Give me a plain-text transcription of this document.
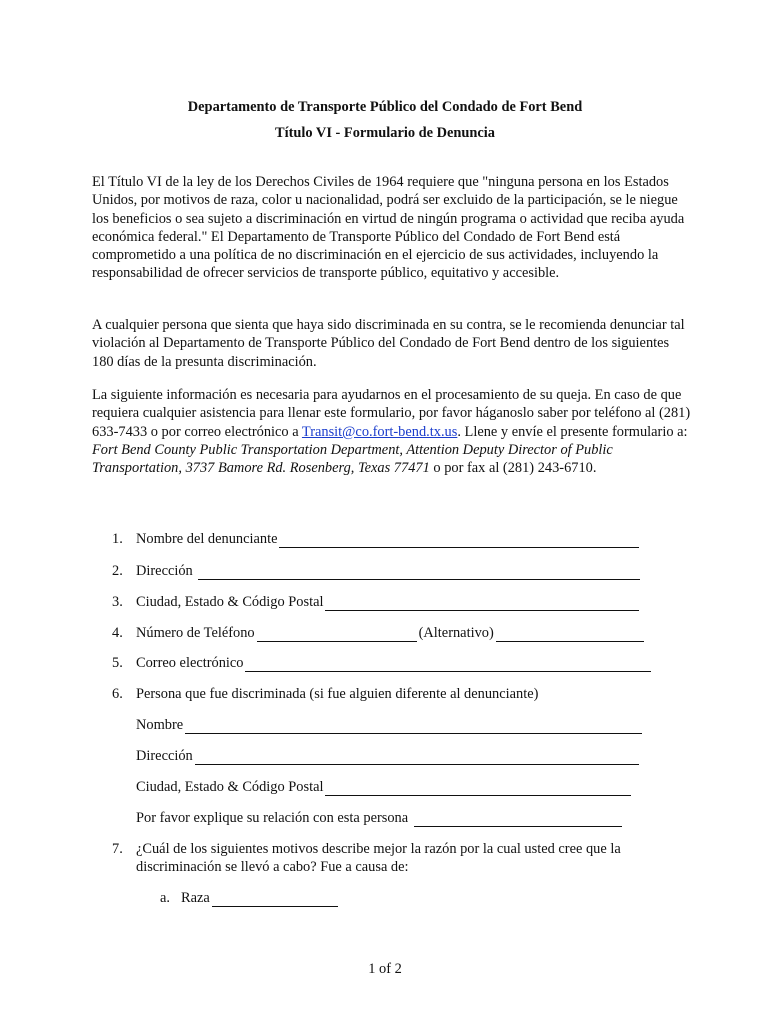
Departamento de Transporte Público del Condado de Fort Bend
Título VI - Formulario de Denuncia

El Título VI de la ley de los Derechos Civiles de 1964 requiere que "ninguna persona en los Estados Unidos, por motivos de raza, color u nacionalidad, podrá ser excluido de la participación, se le niegue los beneficios o sea sujeto a discriminación en virtud de ningún programa o actividad que reciba ayuda económica federal." El Departamento de Transporte Público del Condado de Fort Bend está comprometido a una política de no discriminación en el ejercicio de sus actividades, incluyendo la responsabilidad de ofrecer servicios de transporte público, equitativo y accesible.

A cualquier persona que sienta que haya sido discriminada en su contra, se le recomienda denunciar tal violación al Departamento de Transporte Público del Condado de Fort Bend dentro de los siguientes 180 días de la presunta discriminación.

La siguiente información es necesaria para ayudarnos en el procesamiento de su queja. En caso de que requiera cualquier asistencia para llenar este formulario, por favor háganoslo saber por teléfono al (281) 633-7433 o por correo electrónico a Transit@co.fort-bend.tx.us. Llene y envíe el presente formulario a: Fort Bend County Public Transportation Department, Attention Deputy Director of Public Transportation, 3737 Bamore Rd. Rosenberg, Texas 77471 o por fax al (281) 243-6710.

1. Nombre del denunciante
2. Dirección
3. Ciudad, Estado & Código Postal
4. Número de Teléfono	(Alternativo)
5. Correo electrónico
6. Persona que fue discriminada (si fue alguien diferente al denunciante)
Nombre
Dirección
Ciudad, Estado & Código Postal
Por favor explique su relación con esta persona
7. ¿Cuál de los siguientes motivos describe mejor la razón por la cual usted cree que la
discriminación se llevó a cabo? Fue a causa de:
a. Raza
1 of 2
